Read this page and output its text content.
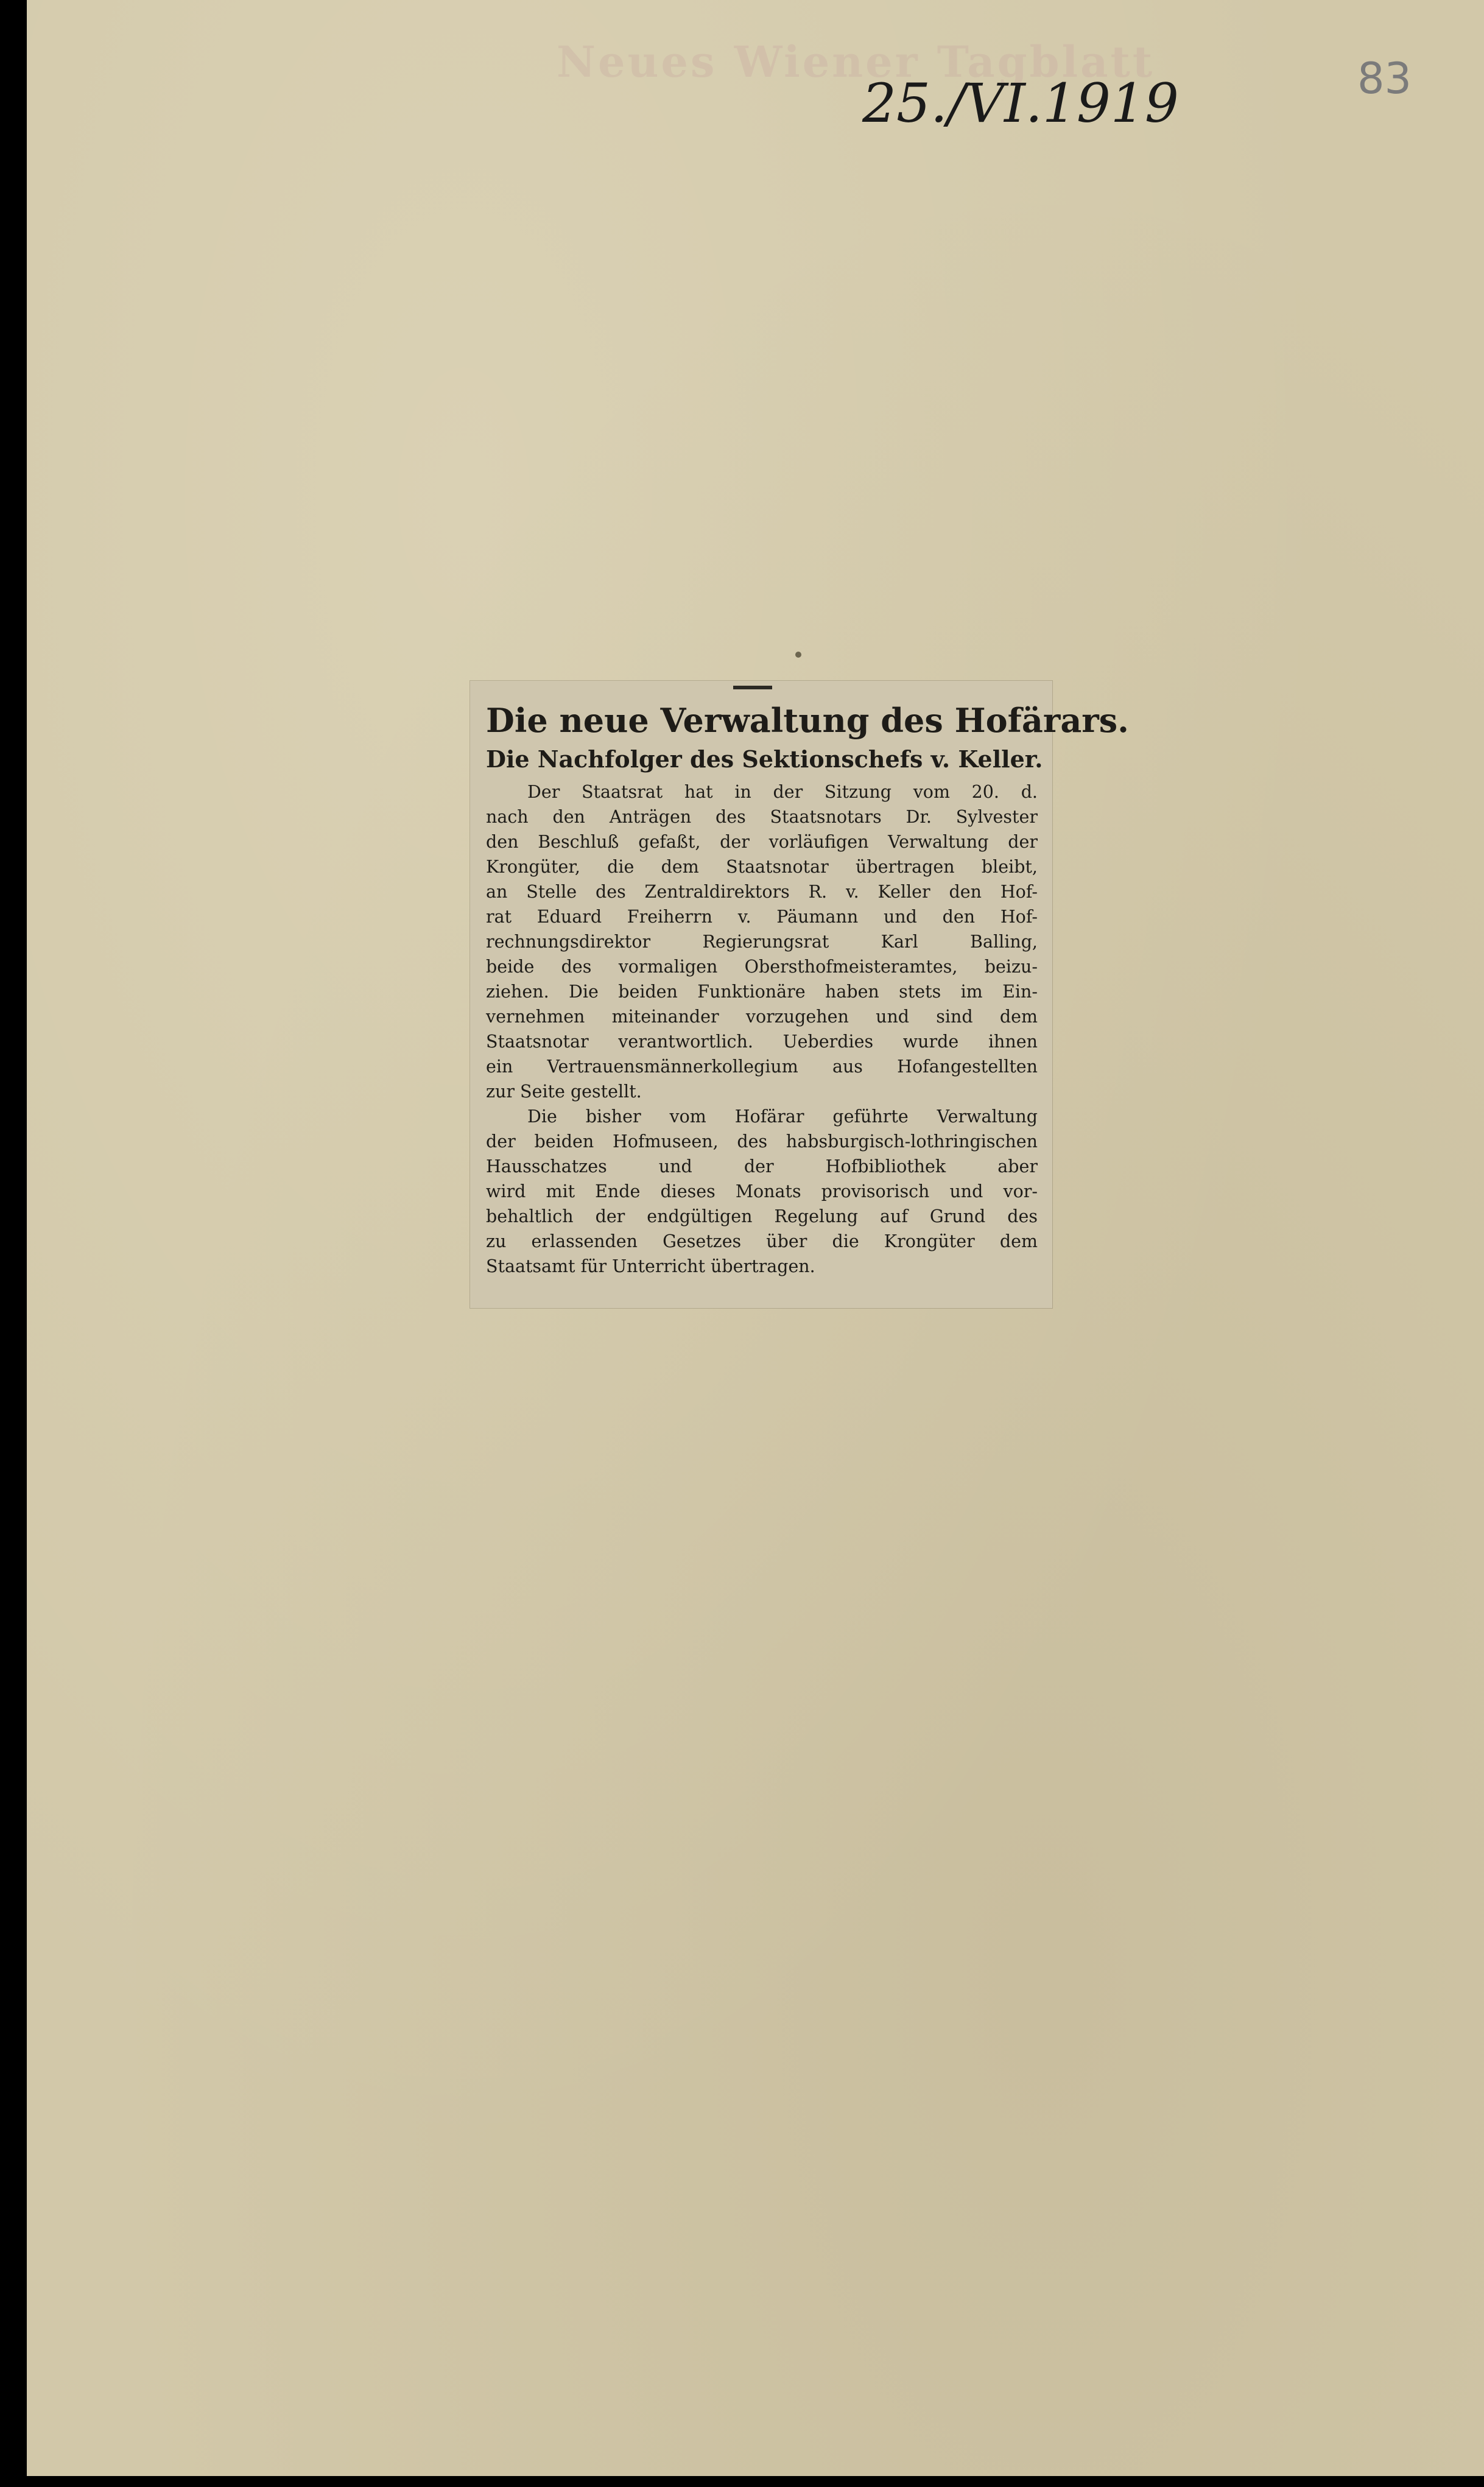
Neues Wiener Tagblatt
25./VI.1919	83

Die neue Verwaltung des Hofärars.

Die Nachfolger des Sektionschefs v. Keller.

Der Staatsrat hat in der Sitzung vom 20. d.

nach den Anträgen des Staatsnotars Dr. Sylvester

den Beschluß gefaßt, der vorläufigen Verwaltung der

Krongüter, die dem Staatsnotar übertragen bleibt,

an Stelle des Zentraldirektors R. v. Keller den Hof-

rat Eduard Freiherrn v. Päumann und den Hof-

rechnungsdirektor Regierungsrat Karl Balling,

beide des vormaligen Obersthofmeisteramtes, beizu-

ziehen. Die beiden Funktionäre haben stets im Ein-

vernehmen miteinander vorzugehen und sind dem

Staatsnotar verantwortlich. Ueberdies wurde ihnen

ein Vertrauensmännerkollegium aus Hofangestellten

zur Seite gestellt.

Die bisher vom Hofärar geführte Verwaltung

der beiden Hofmuseen, des habsburgisch-lothringischen

Hausschatzes und der Hofbibliothek aber

wird mit Ende dieses Monats provisorisch und vor-

behaltlich der endgültigen Regelung auf Grund des

zu erlassenden Gesetzes über die Krongüter dem

Staatsamt für Unterricht übertragen.
